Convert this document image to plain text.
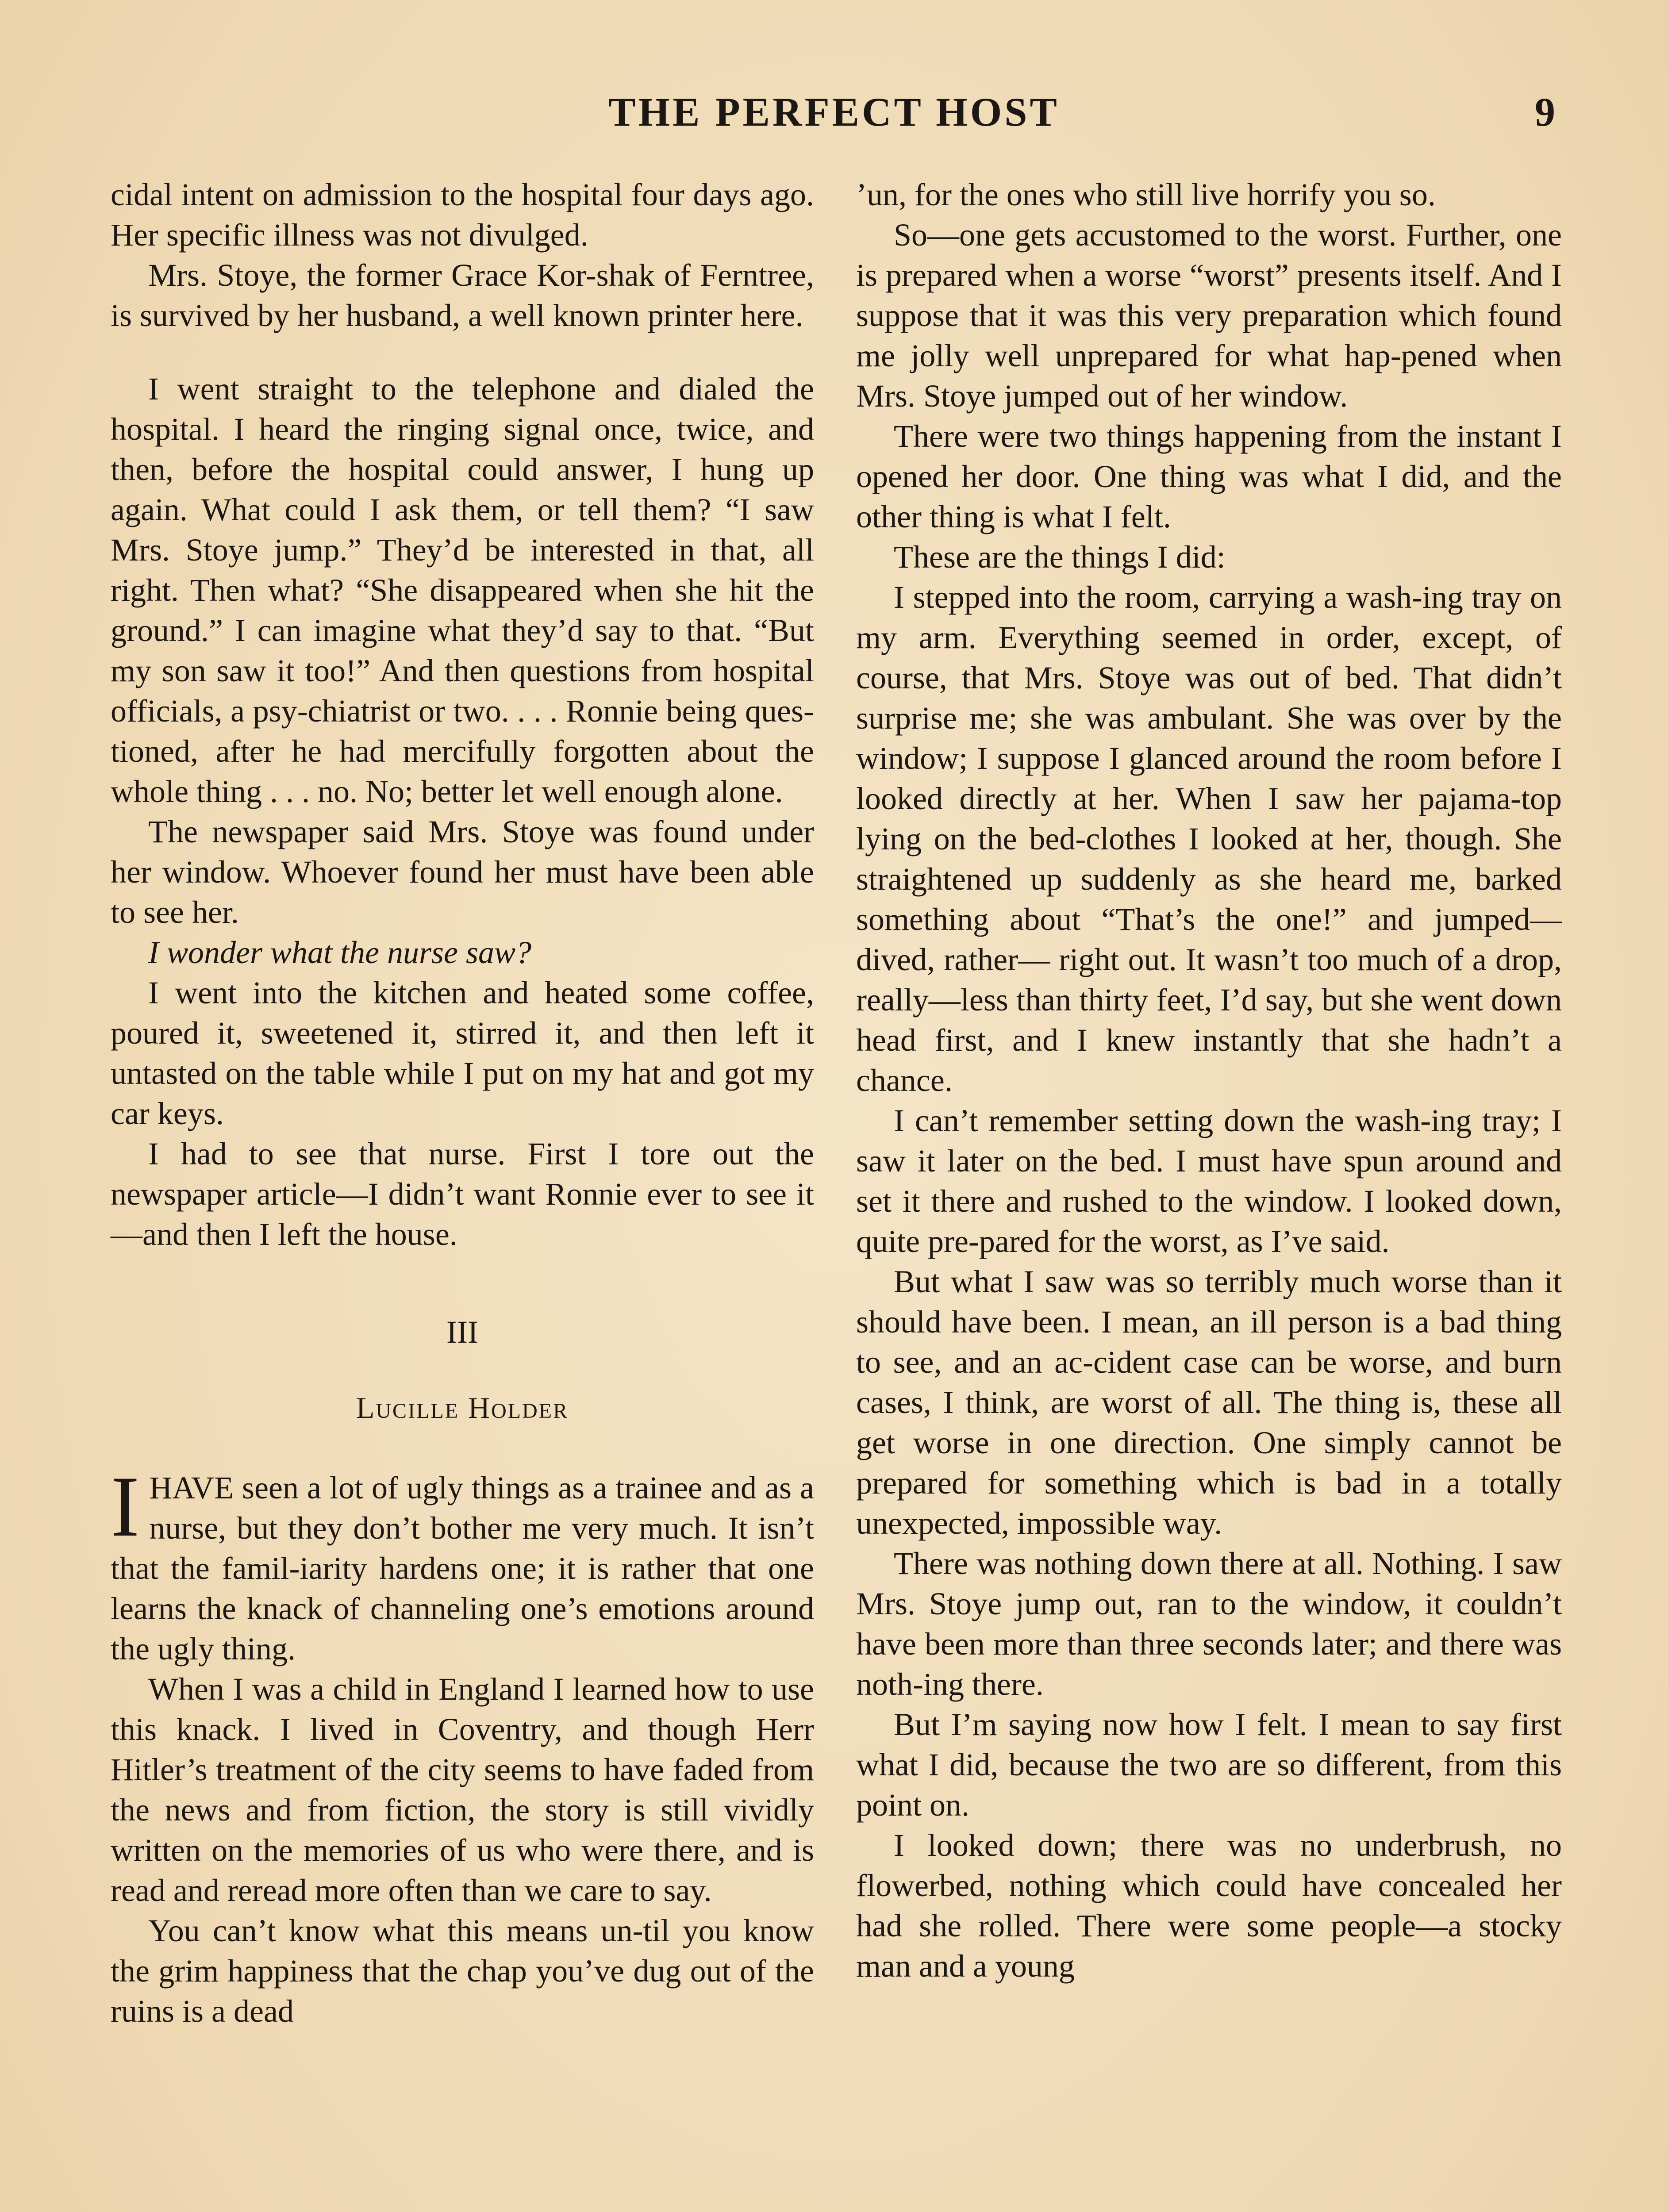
THE PERFECT HOST	9

cidal intent on admission to the hospital four days ago. Her specific illness was not divulged.

Mrs. Stoye, the former Grace Kor-shak of Ferntree, is survived by her husband, a well known printer here.

I went straight to the telephone and dialed the hospital. I heard the ringing signal once, twice, and then, before the hospital could answer, I hung up again. What could I ask them, or tell them? “I saw Mrs. Stoye jump.” They’d be interested in that, all right. Then what? “She disappeared when she hit the ground.” I can imagine what they’d say to that. “But my son saw it too!” And then questions from hospital officials, a psy-chiatrist or two. . . . Ronnie being ques-tioned, after he had mercifully forgotten about the whole thing . . . no. No; better let well enough alone.

The newspaper said Mrs. Stoye was found under her window. Whoever found her must have been able to see her.

I wonder what the nurse saw?

I went into the kitchen and heated some coffee, poured it, sweetened it, stirred it, and then left it untasted on the table while I put on my hat and got my car keys.

I had to see that nurse. First I tore out the newspaper article—I didn’t want Ronnie ever to see it—and then I left the house.

III
Lucille Holder

IHAVE seen a lot of ugly things as a trainee and as a nurse, but they don’t bother me very much. It isn’t that the famil-iarity hardens one; it is rather that one learns the knack of channeling one’s emotions around the ugly thing.

When I was a child in England I learned how to use this knack. I lived in Coventry, and though Herr Hitler’s treatment of the city seems to have faded from the news and from fiction, the story is still vividly written on the memories of us who were there, and is read and reread more often than we care to say.

You can’t know what this means un-til you know the grim happiness that the chap you’ve dug out of the ruins is a dead

’un, for the ones who still live horrify you so.

So—one gets accustomed to the worst. Further, one is prepared when a worse “worst” presents itself. And I suppose that it was this very preparation which found me jolly well unprepared for what hap-pened when Mrs. Stoye jumped out of her window.

There were two things happening from the instant I opened her door. One thing was what I did, and the other thing is what I felt.

These are the things I did:

I stepped into the room, carrying a wash-ing tray on my arm. Everything seemed in order, except, of course, that Mrs. Stoye was out of bed. That didn’t surprise me; she was ambulant. She was over by the window; I suppose I glanced around the room before I looked directly at her. When I saw her pajama-top lying on the bed-clothes I looked at her, though. She straightened up suddenly as she heard me, barked something about “That’s the one!” and jumped—dived, rather— right out. It wasn’t too much of a drop, really—less than thirty feet, I’d say, but she went down head first, and I knew instantly that she hadn’t a chance.

I can’t remember setting down the wash-ing tray; I saw it later on the bed. I must have spun around and set it there and rushed to the window. I looked down, quite pre-pared for the worst, as I’ve said.

But what I saw was so terribly much worse than it should have been. I mean, an ill person is a bad thing to see, and an ac-cident case can be worse, and burn cases, I think, are worst of all. The thing is, these all get worse in one direction. One simply cannot be prepared for something which is bad in a totally unexpected, impossible way.

There was nothing down there at all. Nothing. I saw Mrs. Stoye jump out, ran to the window, it couldn’t have been more than three seconds later; and there was noth-ing there.

But I’m saying now how I felt. I mean to say first what I did, because the two are so different, from this point on.

I looked down; there was no underbrush, no flowerbed, nothing which could have concealed her had she rolled. There were some people—a stocky man and a young
